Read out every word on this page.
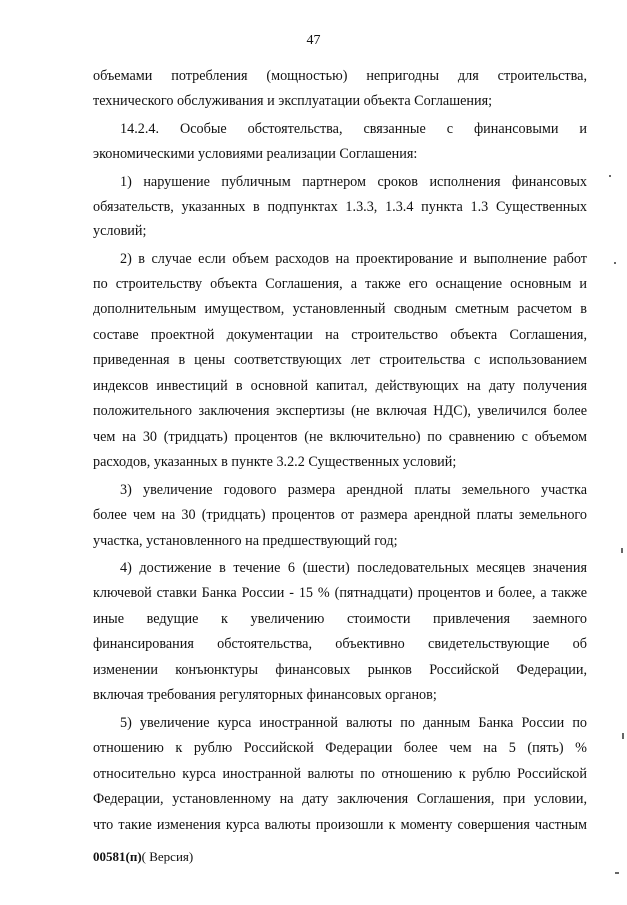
47
объемами потребления (мощностью) непригодны для строительства,
технического обслуживания и эксплуатации объекта Соглашения;
14.2.4. Особые обстоятельства, связанные с финансовыми и
экономическими условиями реализации Соглашения:
1) нарушение публичным партнером сроков исполнения финансовых
обязательств, указанных в подпунктах 1.3.3, 1.3.4 пункта 1.3 Существенных
условий;
2) в случае если объем расходов на проектирование и выполнение работ
по строительству объекта Соглашения, а также его оснащение основным и
дополнительным имуществом, установленный сводным сметным расчетом в
составе проектной документации на строительство объекта Соглашения,
приведенная в цены соответствующих лет строительства с использованием
индексов инвестиций в основной капитал, действующих на дату получения
положительного заключения экспертизы (не включая НДС), увеличился более
чем на 30 (тридцать) процентов (не включительно) по сравнению с объемом
расходов, указанных в пункте 3.2.2 Существенных условий;
3) увеличение годового размера арендной платы земельного участка
более чем на 30 (тридцать) процентов от размера арендной платы земельного
участка, установленного на предшествующий год;
4) достижение в течение 6 (шести) последовательных месяцев значения
ключевой ставки Банка России - 15 % (пятнадцати) процентов и более, а также
иные ведущие к увеличению стоимости привлечения заемного
финансирования обстоятельства, объективно свидетельствующие об
изменении конъюнктуры финансовых рынков Российской Федерации,
включая требования регуляторных финансовых органов;
5) увеличение курса иностранной валюты по данным Банка России по
отношению к рублю Российской Федерации более чем на 5 (пять) %
относительно курса иностранной валюты по отношению к рублю Российской
Федерации, установленному на дату заключения Соглашения, при условии,
что такие изменения курса валюты произошли к моменту совершения частным
00581(п)( Версия)
